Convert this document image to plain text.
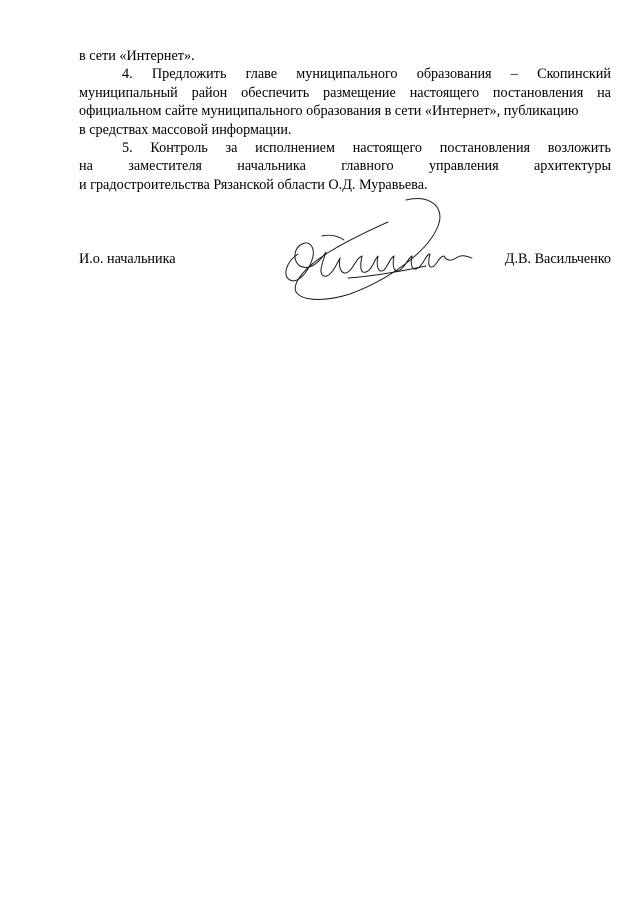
в сети «Интернет».
4. Предложить главе муниципального образования – Скопинский
муниципальный район обеспечить размещение настоящего постановления на
официальном сайте муниципального образования в сети «Интернет», публикацию
в средствах массовой информации.
5. Контроль за исполнением настоящего постановления возложить
на заместителя начальника главного управления архитектуры
и градостроительства Рязанской области О.Д. Муравьева.
И.о. начальника	Д.В. Васильченко
